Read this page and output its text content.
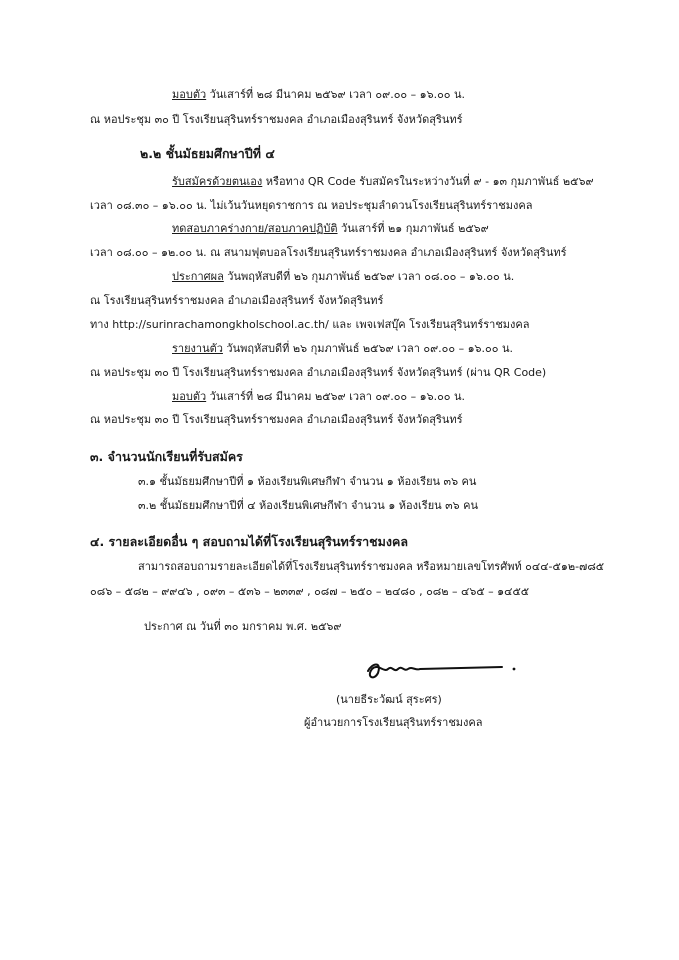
มอบตัว วันเสาร์ที่ ๒๘ มีนาคม ๒๕๖๙ เวลา ๐๙.๐๐ – ๑๖.๐๐ น.
ณ หอประชุม ๓๐ ปี โรงเรียนสุรินทร์ราชมงคล อำเภอเมืองสุรินทร์ จังหวัดสุรินทร์
๒.๒ ชั้นมัธยมศึกษาปีที่ ๔
รับสมัครด้วยตนเอง หรือทาง QR Code รับสมัครในระหว่างวันที่ ๙ - ๑๓ กุมภาพันธ์ ๒๕๖๙
เวลา ๐๘.๓๐ – ๑๖.๐๐ น. ไม่เว้นวันหยุดราชการ ณ หอประชุมลำดวนโรงเรียนสุรินทร์ราชมงคล
ทดสอบภาคร่างกาย/สอบภาคปฏิบัติ วันเสาร์ที่ ๒๑ กุมภาพันธ์ ๒๕๖๙
เวลา ๐๘.๐๐ – ๑๒.๐๐ น. ณ สนามฟุตบอลโรงเรียนสุรินทร์ราชมงคล อำเภอเมืองสุรินทร์ จังหวัดสุรินทร์
ประกาศผล วันพฤหัสบดีที่ ๒๖ กุมภาพันธ์ ๒๕๖๙ เวลา ๐๘.๐๐ – ๑๖.๐๐ น.
ณ โรงเรียนสุรินทร์ราชมงคล อำเภอเมืองสุรินทร์ จังหวัดสุรินทร์
ทาง http://surinrachamongkholschool.ac.th/ และ เพจเฟสบุ๊ค โรงเรียนสุรินทร์ราชมงคล
รายงานตัว วันพฤหัสบดีที่ ๒๖ กุมภาพันธ์ ๒๕๖๙ เวลา ๐๙.๐๐ – ๑๖.๐๐ น.
ณ หอประชุม ๓๐ ปี โรงเรียนสุรินทร์ราชมงคล อำเภอเมืองสุรินทร์ จังหวัดสุรินทร์ (ผ่าน QR Code)
มอบตัว วันเสาร์ที่ ๒๘ มีนาคม ๒๕๖๙ เวลา ๐๙.๐๐ – ๑๖.๐๐ น.
ณ หอประชุม ๓๐ ปี โรงเรียนสุรินทร์ราชมงคล อำเภอเมืองสุรินทร์ จังหวัดสุรินทร์
๓. จำนวนนักเรียนที่รับสมัคร
๓.๑ ชั้นมัธยมศึกษาปีที่ ๑ ห้องเรียนพิเศษกีฬา จำนวน ๑ ห้องเรียน ๓๖ คน
๓.๒ ชั้นมัธยมศึกษาปีที่ ๔ ห้องเรียนพิเศษกีฬา จำนวน ๑ ห้องเรียน ๓๖ คน
๔. รายละเอียดอื่น ๆ สอบถามได้ที่โรงเรียนสุรินทร์ราชมงคล
สามารถสอบถามรายละเอียดได้ที่โรงเรียนสุรินทร์ราชมงคล หรือหมายเลขโทรศัพท์ ๐๔๔-๕๑๒-๗๘๕
๐๘๖ – ๕๘๒ – ๙๙๔๖ , ๐๙๓ – ๕๓๖ – ๒๓๓๙ , ๐๘๗ – ๒๕๐ – ๒๔๘๐ , ๐๘๒ – ๔๖๕ – ๑๔๕๕
ประกาศ ณ วันที่ ๓๐ มกราคม พ.ศ. ๒๕๖๙
(นายธีระวัฒน์ สุระศร)
ผู้อำนวยการโรงเรียนสุรินทร์ราชมงคล
